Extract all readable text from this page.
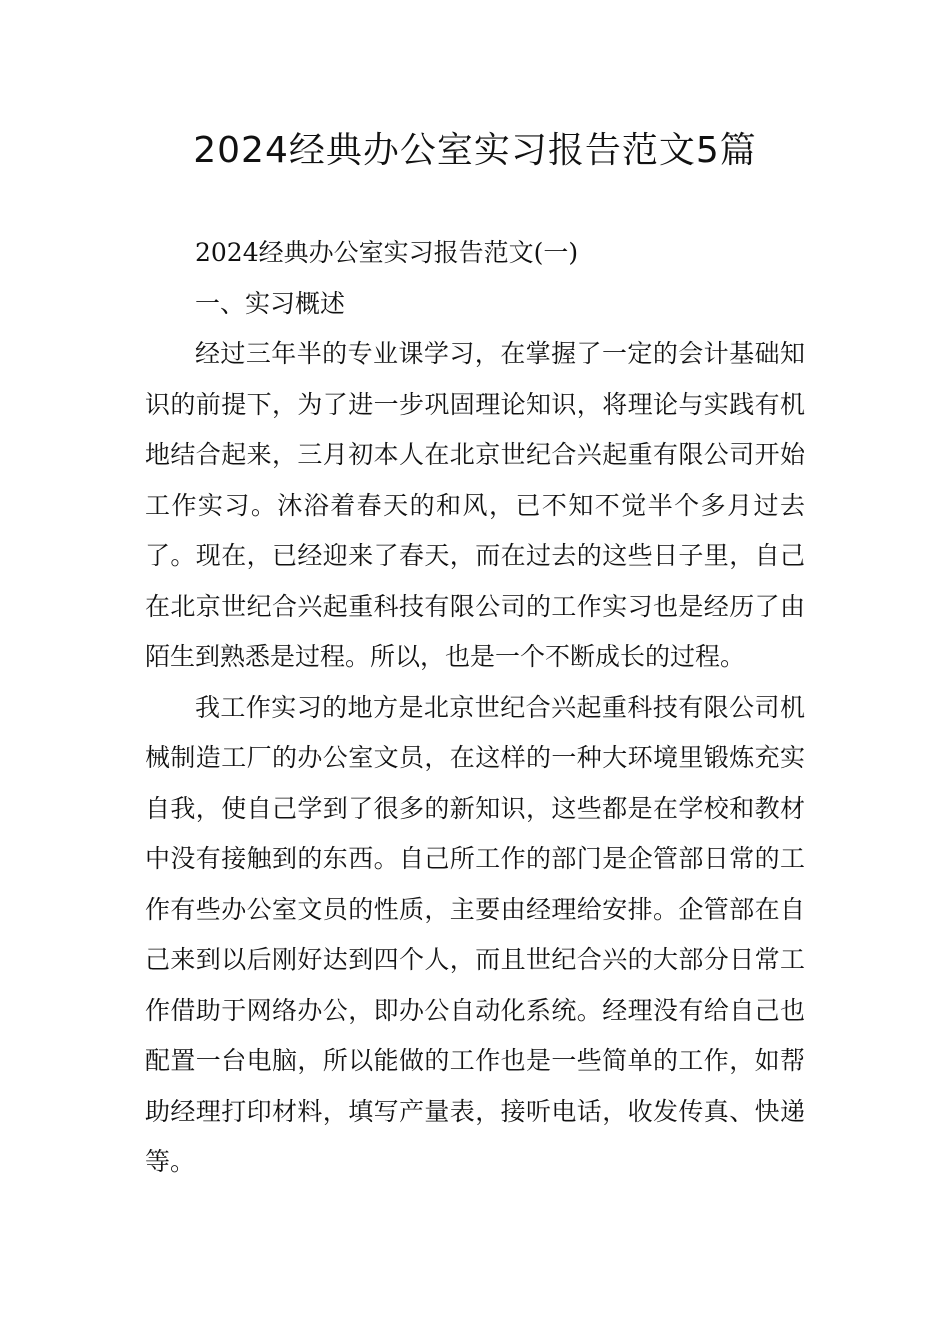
2024经典办公室实习报告范文5篇

2024经典办公室实习报告范文(一)

一、实习概述

经过三年半的专业课学习，在掌握了一定的会计基础知识的前提下，为了进一步巩固理论知识，将理论与实践有机地结合起来，三月初本人在北京世纪合兴起重有限公司开始工作实习。沐浴着春天的和风，已不知不觉半个多月过去了。现在，已经迎来了春天，而在过去的这些日子里，自己在北京世纪合兴起重科技有限公司的工作实习也是经历了由陌生到熟悉是过程。所以，也是一个不断成长的过程。

我工作实习的地方是北京世纪合兴起重科技有限公司机械制造工厂的办公室文员，在这样的一种大环境里锻炼充实自我，使自己学到了很多的新知识，这些都是在学校和教材中没有接触到的东西。自己所工作的部门是企管部日常的工作有些办公室文员的性质，主要由经理给安排。企管部在自己来到以后刚好达到四个人，而且世纪合兴的大部分日常工作借助于网络办公，即办公自动化系统。经理没有给自己也配置一台电脑，所以能做的工作也是一些简单的工作，如帮助经理打印材料，填写产量表，接听电话，收发传真、快递等。
